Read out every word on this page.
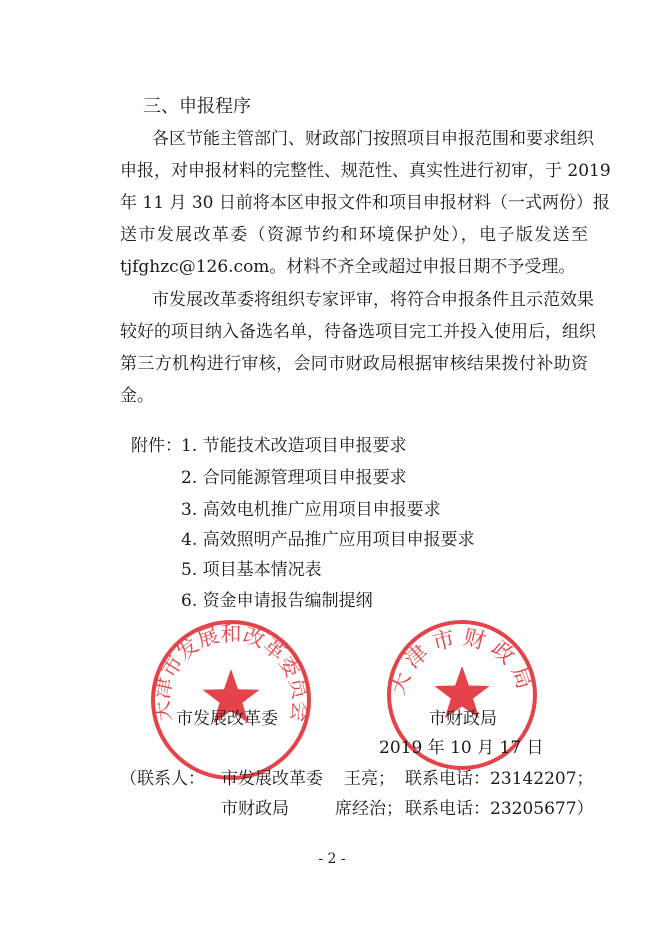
三、申报程序
各区节能主管部门、财政部门按照项目申报范围和要求组织
申报，对申报材料的完整性、规范性、真实性进行初审，于 2019
年 11 月 30 日前将本区申报文件和项目申报材料（一式两份）报
送市发展改革委（资源节约和环境保护处），电子版发送至
tjfghzc@126.com。材料不齐全或超过申报日期不予受理。
市发展改革委将组织专家评审，将符合申报条件且示范效果
较好的项目纳入备选名单，待备选项目完工并投入使用后，组织
第三方机构进行审核，会同市财政局根据审核结果拨付补助资
金。
附件： 1. 节能技术改造项目申报要求
2. 合同能源管理项目申报要求
3. 高效电机推广应用项目申报要求
4. 高效照明产品推广应用项目申报要求
5. 项目基本情况表
6. 资金申请报告编制提纲
天津市发展和改革委员会
天津市财政局
市发展改革委	市财政局
2019 年 10 月 17 日
（联系人： 市发展改革委 王亮； 联系电话：23142207；
市财政局	席经治； 联系电话：23205677）
- 2 -
